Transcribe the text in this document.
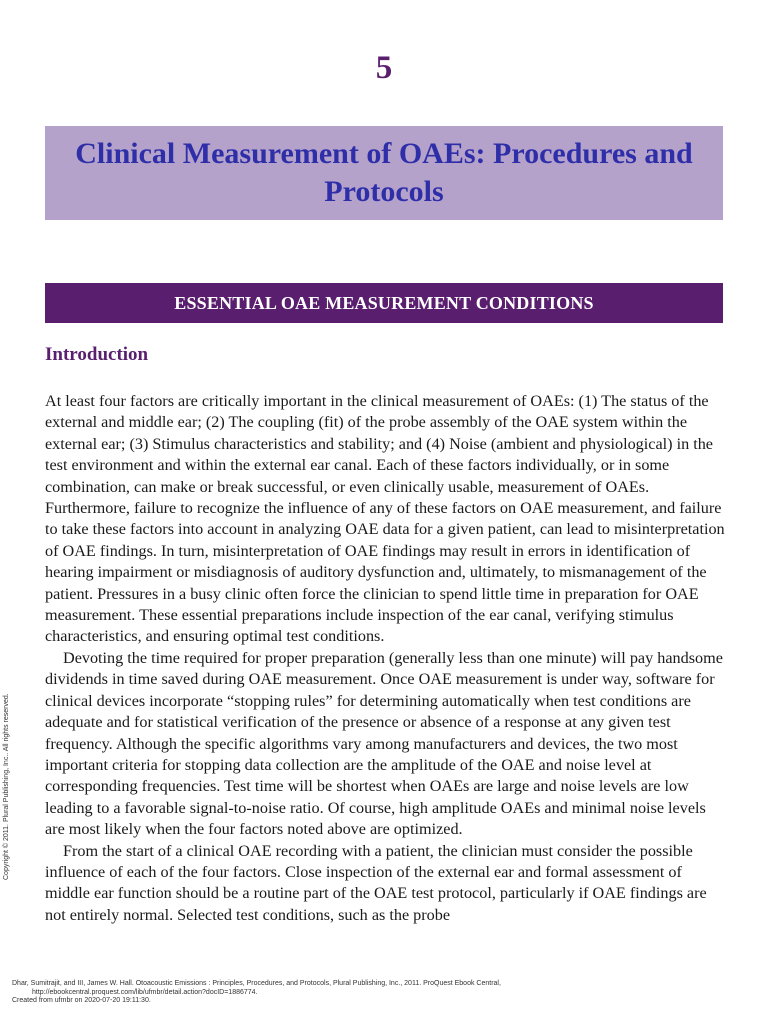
5
Clinical Measurement of OAEs: Procedures and Protocols
ESSENTIAL OAE MEASUREMENT CONDITIONS
Introduction

At least four factors are critically important in the clinical measurement of OAEs: (1) The status of the external and middle ear; (2) The coupling (fit) of the probe assembly of the OAE system within the external ear; (3) Stimulus characteristics and stability; and (4) Noise (ambient and physiological) in the test environment and within the external ear canal. Each of these factors individually, or in some combination, can make or break successful, or even clinically usable, measurement of OAEs. Furthermore, failure to recognize the influence of any of these factors on OAE measurement, and failure to take these factors into account in analyzing OAE data for a given patient, can lead to misinterpretation of OAE findings. In turn, misinterpretation of OAE findings may result in errors in identification of hearing impairment or misdiagnosis of auditory dysfunction and, ultimately, to mismanagement of the patient. Pressures in a busy clinic often force the clinician to spend little time in preparation for OAE measurement. These essential preparations include inspection of the ear canal, verifying stimulus characteristics, and ensuring optimal test conditions.

Devoting the time required for proper preparation (generally less than one minute) will pay handsome dividends in time saved during OAE measurement. Once OAE measurement is under way, software for clinical devices incorporate “stopping rules” for determining automatically when test conditions are adequate and for statistical verification of the presence or absence of a response at any given test frequency. Although the specific algorithms vary among manufacturers and devices, the two most important criteria for stopping data collection are the amplitude of the OAE and noise level at corresponding frequencies. Test time will be shortest when OAEs are large and noise levels are low leading to a favorable signal-to-noise ratio. Of course, high amplitude OAEs and minimal noise levels are most likely when the four factors noted above are optimized.

From the start of a clinical OAE recording with a patient, the clinician must consider the possible influence of each of the four factors. Close inspection of the external ear and formal assessment of middle ear function should be a routine part of the OAE test protocol, particularly if OAE findings are not entirely normal. Selected test conditions, such as the probe

Copyright © 2011. Plural Publishing, Inc.. All rights reserved.
Dhar, Sumitrajit, and III, James W. Hall. Otoacoustic Emissions : Principles, Procedures, and Protocols, Plural Publishing, Inc., 2011. ProQuest Ebook Central,
http://ebookcentral.proquest.com/lib/ufmbr/detail.action?docID=1886774.
Created from ufmbr on 2020-07-20 19:11:30.
